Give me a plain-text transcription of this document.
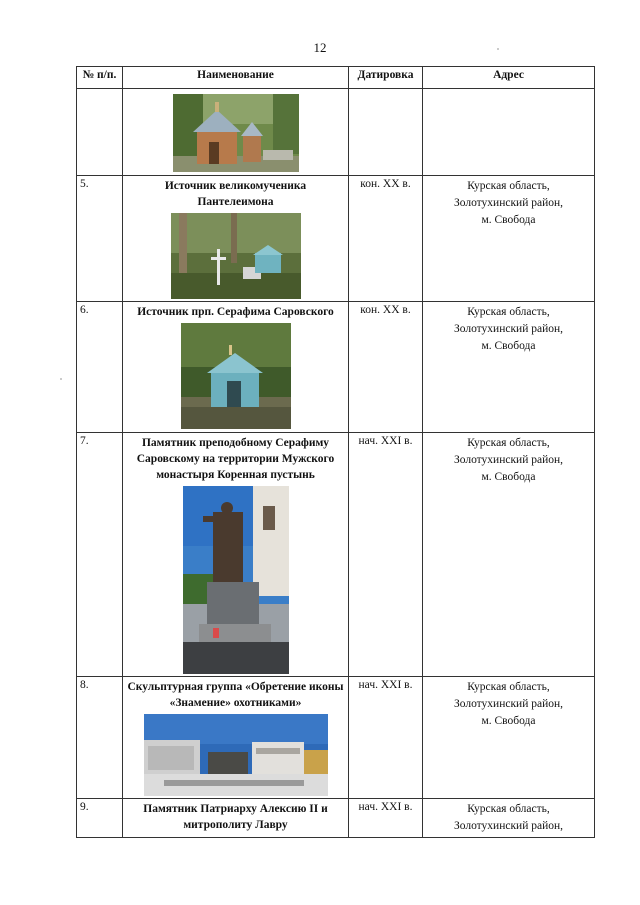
12
№ п/п.	Наименование	Датировка	Адрес

5.	Источник великомученика Пантелеимона	кон. XX в.	Курская область,
Золотухинский район,
м. Свобода

6.	Источник прп. Серафима Саровского	кон. XX в.	Курская область,
Золотухинский район,
м. Свобода

7.	Памятник преподобному Серафиму Саровскому на территории Мужского монастыря Коренная пустынь	нач. XXI в.	Курская область,
Золотухинский район,
м. Свобода

8.	Скульптурная группа «Обретение иконы «Знамение» охотниками»	нач. XXI в.	Курская область,
Золотухинский район,
м. Свобода

9.	Памятник Патриарху Алексию II и митрополиту Лавру	нач. XXI в.	Курская область,
Золотухинский район,
